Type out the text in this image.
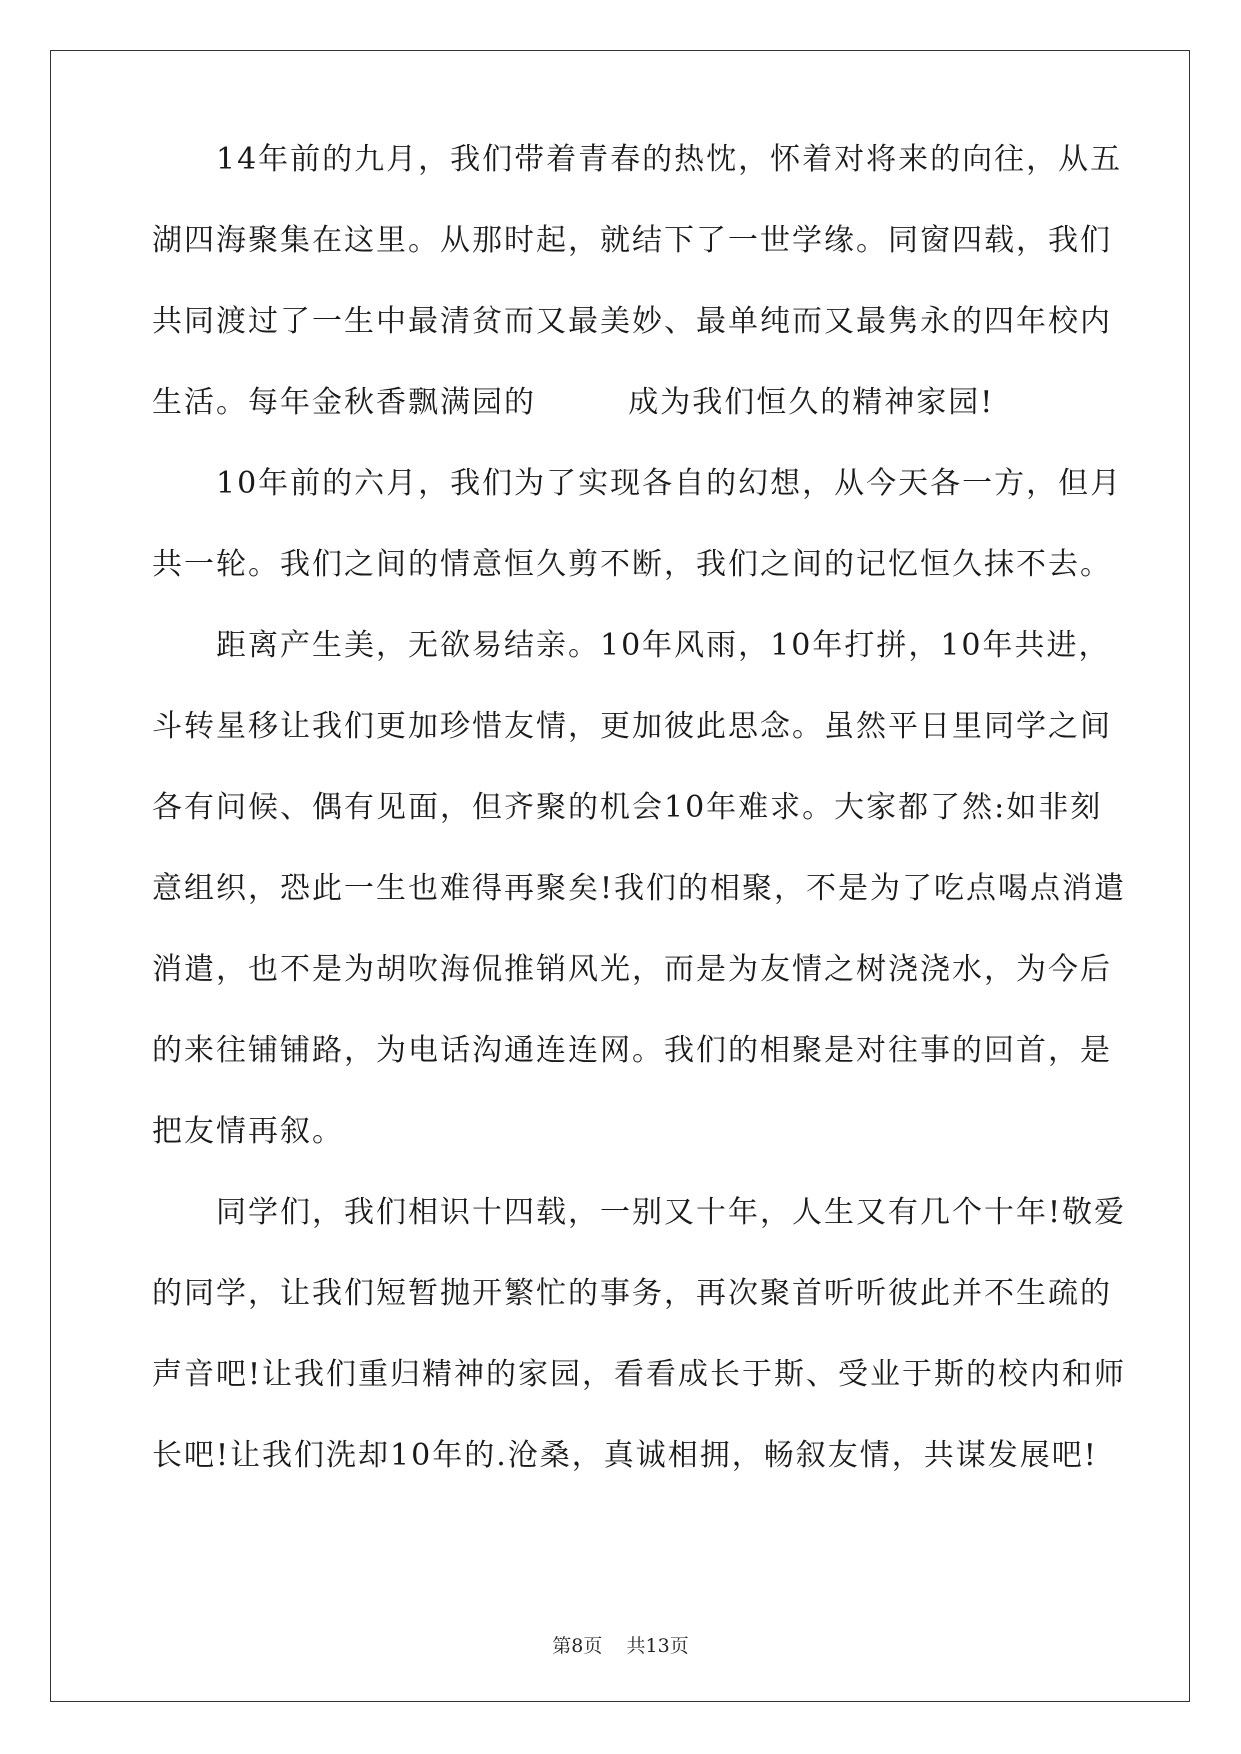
14年前的九月，我们带着青春的热忱，怀着对将来的向往，从五
湖四海聚集在这里。从那时起，就结下了一世学缘。同窗四载，我们
共同渡过了一生中最清贫而又最美妙、最单纯而又最隽永的四年校内
生活。每年金秋香飘满园的        成为我们恒久的精神家园!
10年前的六月，我们为了实现各自的幻想，从今天各一方，但月
共一轮。我们之间的情意恒久剪不断，我们之间的记忆恒久抹不去。
距离产生美，无欲易结亲。10年风雨，10年打拼，10年共进，
斗转星移让我们更加珍惜友情，更加彼此思念。虽然平日里同学之间
各有问候、偶有见面，但齐聚的机会10年难求。大家都了然:如非刻
意组织，恐此一生也难得再聚矣!我们的相聚，不是为了吃点喝点消遣
消遣，也不是为胡吹海侃推销风光，而是为友情之树浇浇水，为今后
的来往铺铺路，为电话沟通连连网。我们的相聚是对往事的回首，是
把友情再叙。
同学们，我们相识十四载，一别又十年，人生又有几个十年!敬爱
的同学，让我们短暂抛开繁忙的事务，再次聚首听听彼此并不生疏的
声音吧!让我们重归精神的家园，看看成长于斯、受业于斯的校内和师
长吧!让我们洗却10年的.沧桑，真诚相拥，畅叙友情，共谋发展吧!
第8页 共13页
